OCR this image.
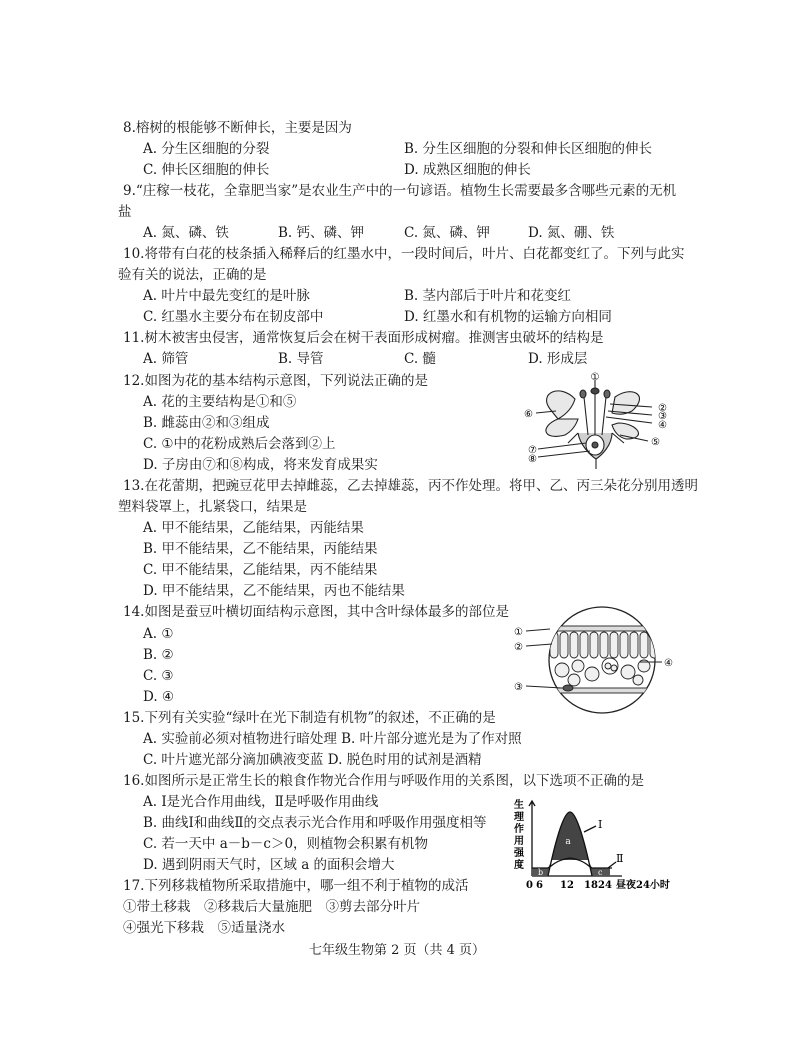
8.榕树的根能够不断伸长，主要是因为
A. 分生区细胞的分裂	B. 分生区细胞的分裂和伸长区细胞的伸长
C. 伸长区细胞的伸长	D. 成熟区细胞的伸长
9.“庄稼一枝花，全靠肥当家”是农业生产中的一句谚语。植物生长需要最多含哪些元素的无机
盐
A. 氮、磷、铁	B. 钙、磷、钾	C. 氮、磷、钾	D. 氮、硼、铁
10.将带有白花的枝条插入稀释后的红墨水中，一段时间后，叶片、白花都变红了。下列与此实
验有关的说法，正确的是
A. 叶片中最先变红的是叶脉	B. 茎内部后于叶片和花变红
C. 红墨水主要分布在韧皮部中	D. 红墨水和有机物的运输方向相同
11.树木被害虫侵害，通常恢复后会在树干表面形成树瘤。推测害虫破坏的结构是
A. 筛管	B. 导管	C. 髓	D. 形成层
12.如图为花的基本结构示意图，下列说法正确的是
A. 花的主要结构是①和⑤
B. 雌蕊由②和③组成
C. ①中的花粉成熟后会落到②上
D. 子房由⑦和⑧构成，将来发育成果实
①
②
③
④
⑤
⑥
⑦
⑧
13.在花蕾期，把豌豆花甲去掉雌蕊，乙去掉雄蕊，丙不作处理。将甲、乙、丙三朵花分别用透明
塑料袋罩上，扎紧袋口，结果是
A. 甲不能结果，乙能结果，丙能结果
B. 甲不能结果，乙不能结果，丙能结果
C. 甲不能结果，乙能结果，丙不能结果
D. 甲不能结果，乙不能结果，丙也不能结果
14.如图是蚕豆叶横切面结构示意图，其中含叶绿体最多的部位是
A. ①
B. ②
C. ③
D. ④
①
②
③
④
15.下列有关实验“绿叶在光下制造有机物”的叙述，不正确的是
A. 实验前必须对植物进行暗处理 B. 叶片部分遮光是为了作对照
C. 叶片遮光部分滴加碘液变蓝 D. 脱色时用的试剂是酒精
16.如图所示是正常生长的粮食作物光合作用与呼吸作用的关系图，以下选项不正确的是
A. Ⅰ是光合作用曲线，Ⅱ是呼吸作用曲线
B. 曲线Ⅰ和曲线Ⅱ的交点表示光合作用和呼吸作用强度相等
C. 若一天中 a－b－c＞0，则植物会积累有机物
D. 遇到阴雨天气时，区域 a 的面积会增大
生
理
作
用
强
度
Ⅰ
Ⅱ
a
b	c
0 6 12 18 24 昼夜24小时
17.下列移栽植物所采取措施中，哪一组不利于植物的成活
①带土移栽　②移栽后大量施肥　③剪去部分叶片
④强光下移栽　⑤适量浇水
七年级生物第 2 页（共 4 页）
